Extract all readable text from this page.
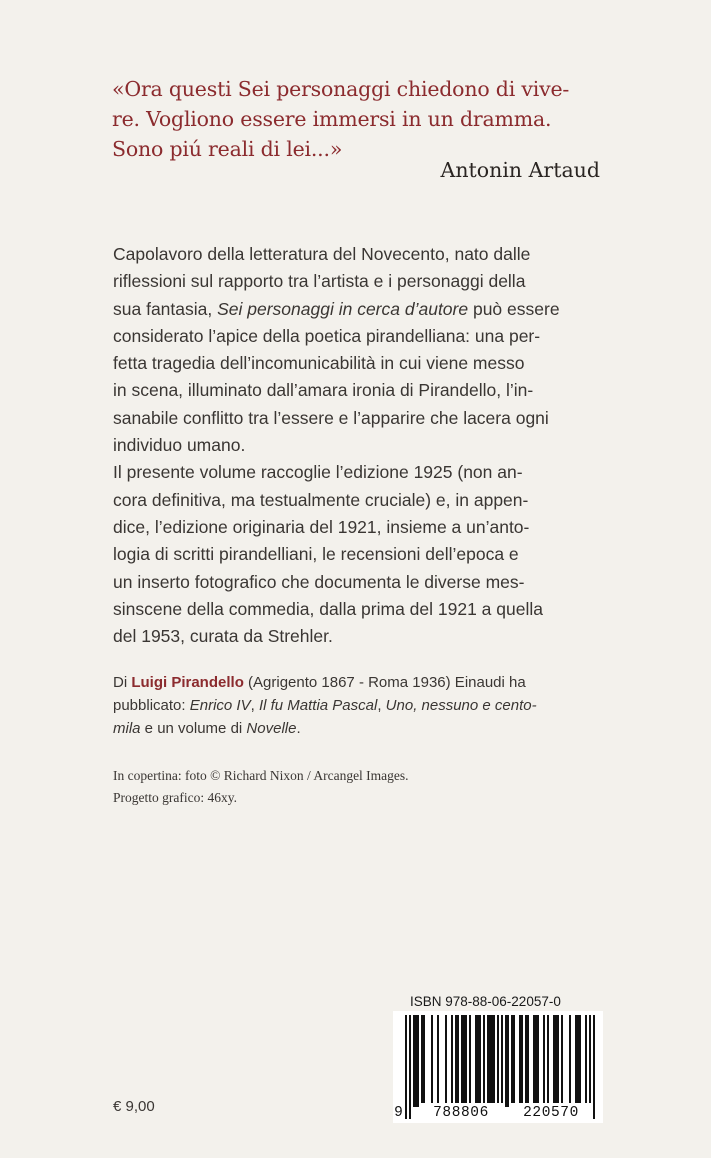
«Ora questi Sei personaggi chiedono di vive-
re. Vogliono essere immersi in un dramma.
Sono piú reali di lei...»
Antonin Artaud
Capolavoro della letteratura del Novecento, nato dalle
riflessioni sul rapporto tra l’artista e i personaggi della
sua fantasia, Sei personaggi in cerca d’autore può essere
considerato l’apice della poetica pirandelliana: una per-
fetta tragedia dell’incomunicabilità in cui viene messo
in scena, illuminato dall’amara ironia di Pirandello, l’in-
sanabile conflitto tra l’essere e l’apparire che lacera ogni
individuo umano.
Il presente volume raccoglie l’edizione 1925 (non an-
cora definitiva, ma testualmente cruciale) e, in appen-
dice, l’edizione originaria del 1921, insieme a un’anto-
logia di scritti pirandelliani, le recensioni dell’epoca e
un inserto fotografico che documenta le diverse mes-
sinscene della commedia, dalla prima del 1921 a quella
del 1953, curata da Strehler.
Di Luigi Pirandello (Agrigento 1867 - Roma 1936) Einaudi ha
pubblicato: Enrico IV, Il fu Mattia Pascal, Uno, nessuno e cento-
mila e un volume di Novelle.
In copertina: foto © Richard Nixon / Arcangel Images.
Progetto grafico: 46xy.
ISBN 978-88-06-22057-0
9	788806	220570
€ 9,00
